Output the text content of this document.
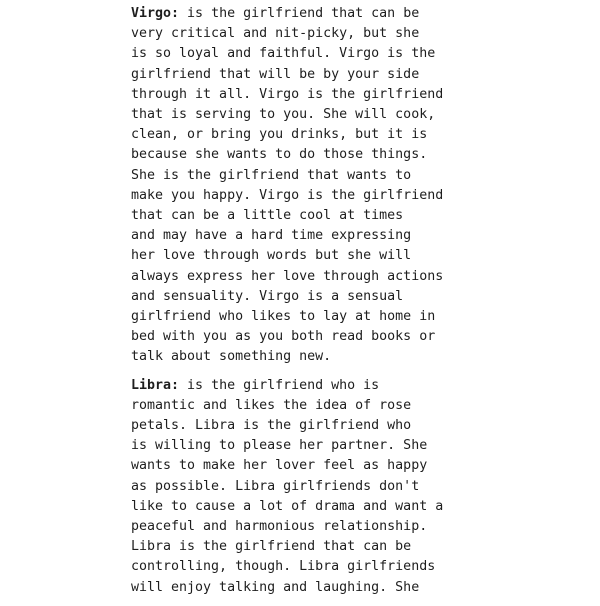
Virgo: is the girlfriend that can be
very critical and nit-picky, but she
is so loyal and faithful. Virgo is the
girlfriend that will be by your side
through it all. Virgo is the girlfriend
that is serving to you. She will cook,
clean, or bring you drinks, but it is
because she wants to do those things.
She is the girlfriend that wants to
make you happy. Virgo is the girlfriend
that can be a little cool at times
and may have a hard time expressing
her love through words but she will
always express her love through actions
and sensuality. Virgo is a sensual
girlfriend who likes to lay at home in
bed with you as you both read books or
talk about something new.
Libra: is the girlfriend who is
romantic and likes the idea of rose
petals. Libra is the girlfriend who
is willing to please her partner. She
wants to make her lover feel as happy
as possible. Libra girlfriends don't
like to cause a lot of drama and want a
peaceful and harmonious relationship.
Libra is the girlfriend that can be
controlling, though. Libra girlfriends
will enjoy talking and laughing. She
